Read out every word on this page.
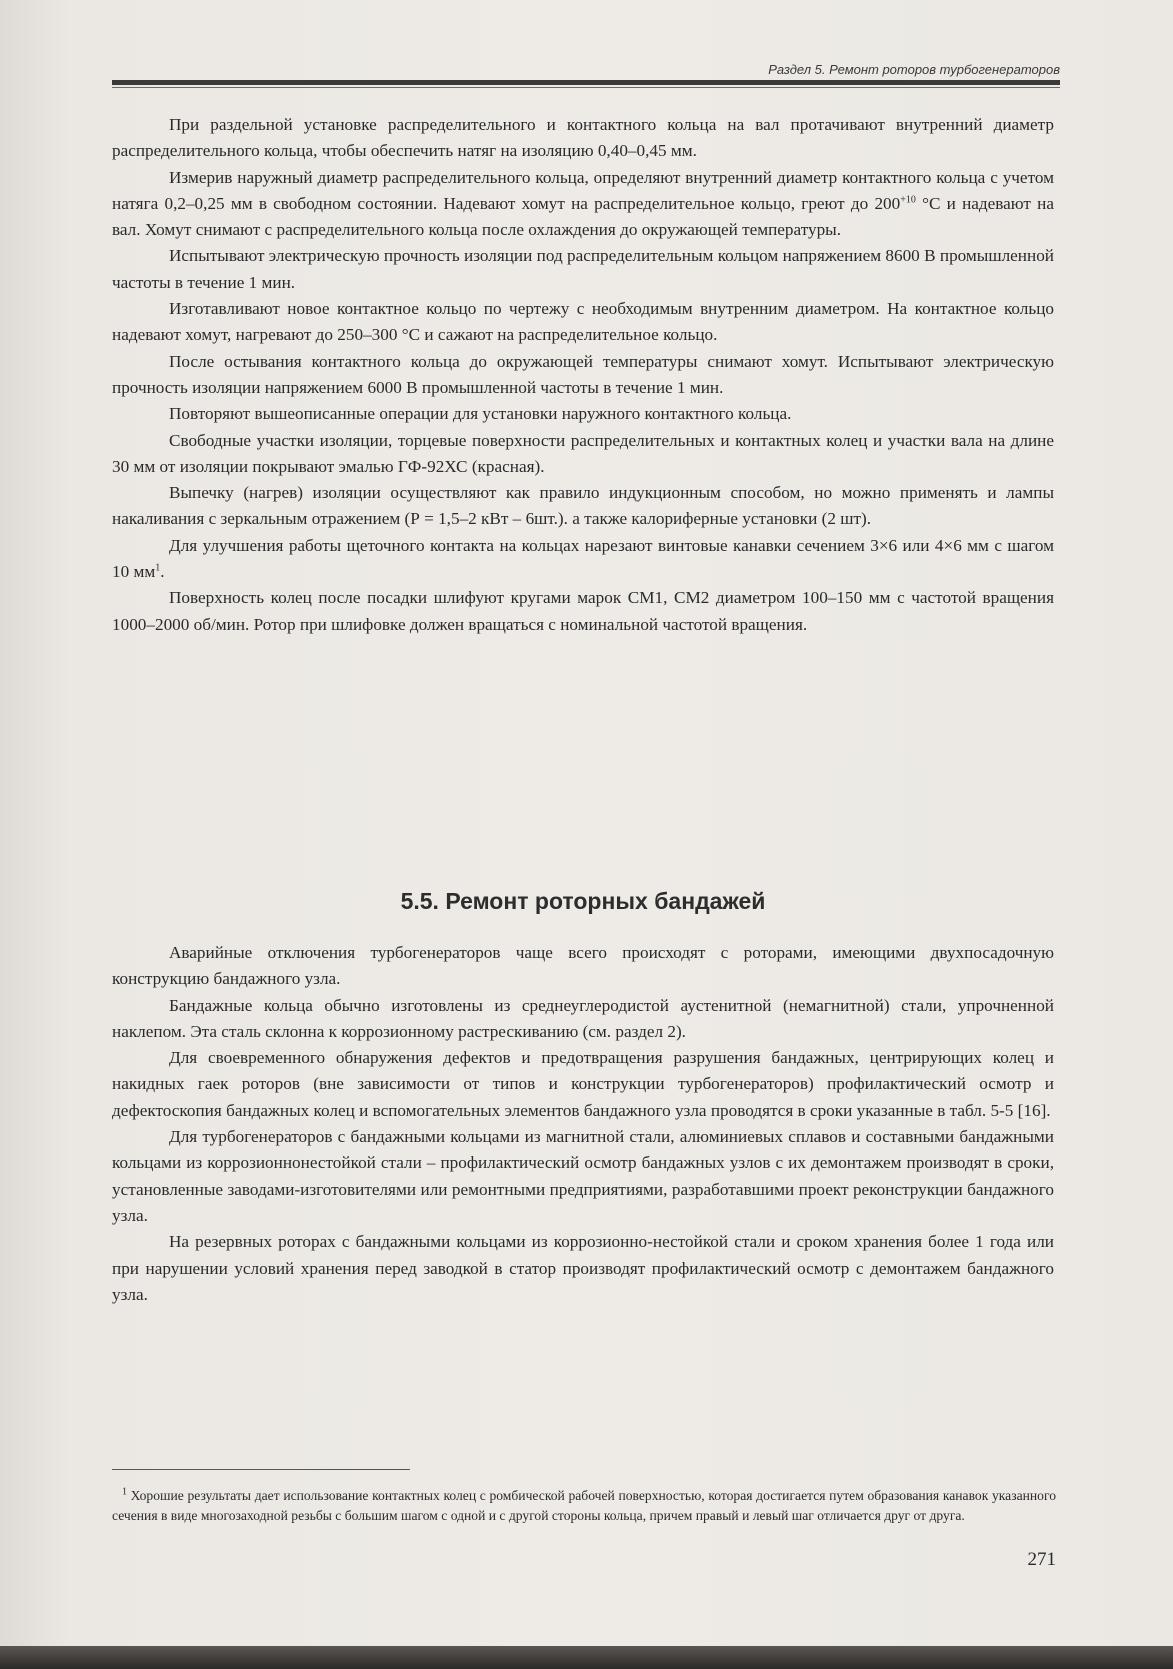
Раздел 5. Ремонт роторов турбогенераторов

При раздельной установке распределительного и контактного кольца на вал протачивают внутренний диаметр распределительного кольца, чтобы обеспечить натяг на изоляцию 0,40–0,45 мм.

Измерив наружный диаметр распределительного кольца, определяют внутренний диаметр контактного кольца с учетом натяга 0,2–0,25 мм в свободном состоянии. Надевают хомут на распределительное кольцо, греют до $200^{+10}$ °С и надевают на вал. Хомут снимают с распределительного кольца после охлаждения до окружающей температуры.

Испытывают электрическую прочность изоляции под распределительным кольцом напряжением 8600 В промышленной частоты в течение 1 мин.

Изготавливают новое контактное кольцо по чертежу с необходимым внутренним диаметром. На контактное кольцо надевают хомут, нагревают до 250–300 °С и сажают на распределительное кольцо.

После остывания контактного кольца до окружающей температуры снимают хомут. Испытывают электрическую прочность изоляции напряжением 6000 В промышленной частоты в течение 1 мин.

Повторяют вышеописанные операции для установки наружного контактного кольца.

Свободные участки изоляции, торцевые поверхности распределительных и контактных колец и участки вала на длине 30 мм от изоляции покрывают эмалью ГФ-92ХС (красная).

Выпечку (нагрев) изоляции осуществляют как правило индукционным способом, но можно применять и лампы накаливания с зеркальным отражением (Р = 1,5–2 кВт – 6шт.). а также калориферные установки (2 шт).

Для улучшения работы щеточного контакта на кольцах нарезают винтовые канавки сечением 3×6 или 4×6 мм с шагом 10 $мм^1$.

Поверхность колец после посадки шлифуют кругами марок СМ1, СМ2 диаметром 100–150 мм с частотой вращения 1000–2000 об/мин. Ротор при шлифовке должен вращаться с номинальной частотой вращения.

5.5. Ремонт роторных бандажей

Аварийные отключения турбогенераторов чаще всего происходят с роторами, имеющими двухпосадочную конструкцию бандажного узла.

Бандажные кольца обычно изготовлены из среднеуглеродистой аустенитной (немагнитной) стали, упрочненной наклепом. Эта сталь склонна к коррозионному растрескиванию (см. раздел 2).

Для своевременного обнаружения дефектов и предотвращения разрушения бандажных, центрирующих колец и накидных гаек роторов (вне зависимости от типов и конструкции турбогенераторов) профилактический осмотр и дефектоскопия бандажных колец и вспомогательных элементов бандажного узла проводятся в сроки указанные в табл. 5-5 [16].

Для турбогенераторов с бандажными кольцами из магнитной стали, алюминиевых сплавов и составными бандажными кольцами из коррозионнонестойкой стали – профилактический осмотр бандажных узлов с их демонтажем производят в сроки, установленные заводами-изготовителями или ремонтными предприятиями, разработавшими проект реконструкции бандажного узла.

На резервных роторах с бандажными кольцами из коррозионно-нестойкой стали и сроком хранения более 1 года или при нарушении условий хранения перед заводкой в статор производят профилактический осмотр с демонтажем бандажного узла.

$^1$ Хорошие результаты дает использование контактных колец с ромбической рабочей поверхностью, которая достигается путем образования канавок указанного сечения в виде многозаходной резьбы с большим шагом с одной и с другой стороны кольца, причем правый и левый шаг отличается друг от друга.

271
